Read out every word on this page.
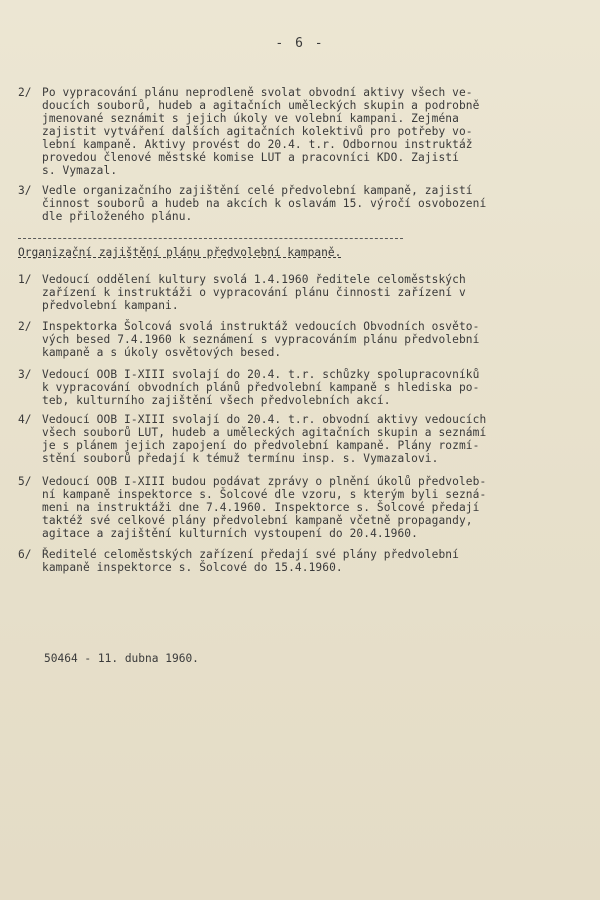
- 6 -
2/ Po vypracování plánu neprodleně svolat obvodní aktivy všech ve-
doucích souborů, hudeb a agitačních uměleckých skupin a podrobně
jmenované seznámit s jejich úkoly ve volební kampani. Zejména
zajistit vytváření dalších agitačních kolektivů pro potřeby vo-
lební kampaně. Aktivy provést do 20.4. t.r. Odbornou instruktáž
provedou členové městské komise LUT a pracovníci KDO. Zajistí
s. Vymazal.
3/ Vedle organizačního zajištění celé předvolební kampaně, zajistí
činnost souborů a hudeb na akcích k oslavám 15. výročí osvobození
dle přiloženého plánu.
Organizační zajištění plánu předvolební kampaně.
1/ Vedoucí oddělení kultury svolá 1.4.1960 ředitele celoměstských
zařízení k instruktáži o vypracování plánu činnosti zařízení v
předvolební kampani.
2/ Inspektorka Šolcová svolá instruktáž vedoucích Obvodních osvěto-
vých besed 7.4.1960 k seznámení s vypracováním plánu předvolební
kampaně a s úkoly osvětových besed.
3/ Vedoucí OOB I-XIII svolají do 20.4. t.r. schůzky spolupracovníků
k vypracování obvodních plánů předvolební kampaně s hlediska po-
teb, kulturního zajištění všech předvolebních akcí.
4/ Vedoucí OOB I-XIII svolají do 20.4. t.r. obvodní aktivy vedoucích
všech souborů LUT, hudeb a uměleckých agitačních skupin a seznámí
je s plánem jejich zapojení do předvolební kampaně. Plány rozmí-
stění souborů předají k témuž termínu insp. s. Vymazalovi.
5/ Vedoucí OOB I-XIII budou podávat zprávy o plnění úkolů předvoleb-
ní kampaně inspektorce s. Šolcové dle vzoru, s kterým byli sezná-
meni na instruktáži dne 7.4.1960. Inspektorce s. Šolcové předají
taktéž své celkové plány předvolební kampaně včetně propagandy,
agitace a zajištění kulturních vystoupení do 20.4.1960.
6/ Ředitelé celoměstských zařízení předají své plány předvolební
kampaně inspektorce s. Šolcové do 15.4.1960.
50464 - 11. dubna 1960.
